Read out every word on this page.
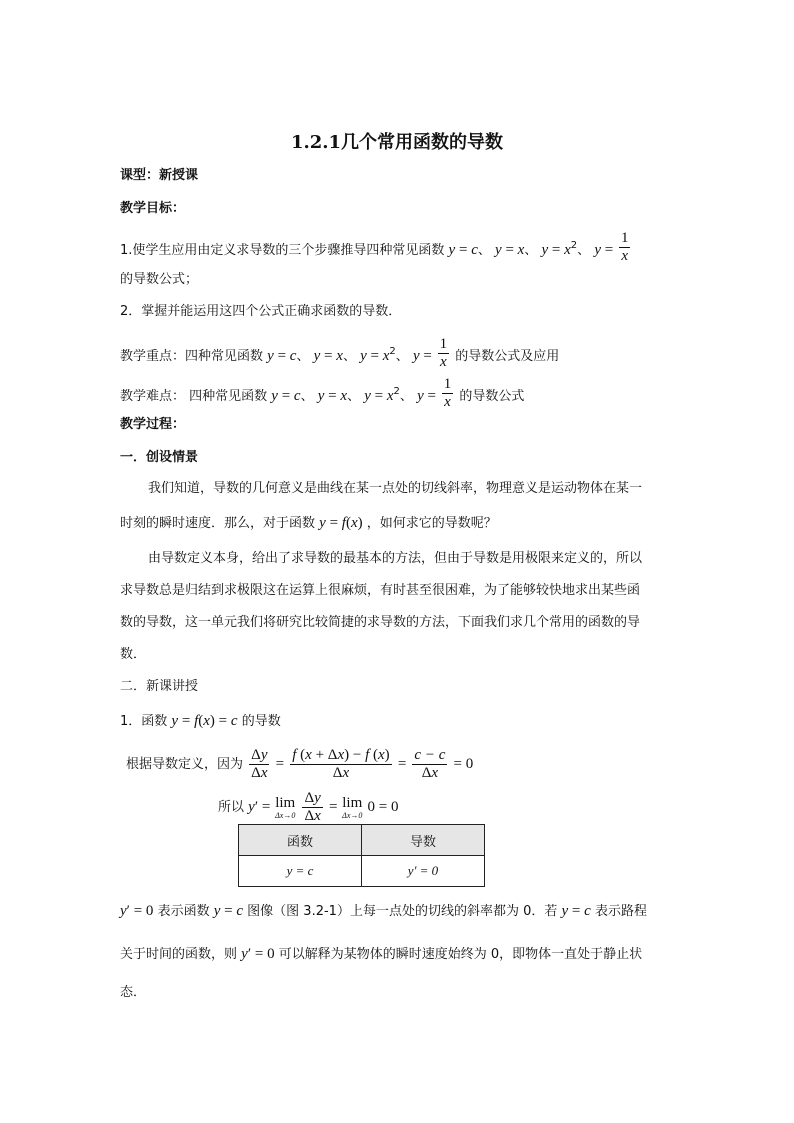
1.2.1几个常用函数的导数
课型：新授课
教学目标：
1.使学生应用由定义求导数的三个步骤推导四种常见函数 y = c、 y = x、 $y = x^2$、 $y = \frac{1}{x}$
的导数公式；
2．掌握并能运用这四个公式正确求函数的导数．
教学重点：四种常见函数 y = c、 y = x、 $y = x^2$、 $y = \frac{1}{x}$ 的导数公式及应用
教学难点： 四种常见函数 y = c、 y = x、 $y = x^2$、 $y = \frac{1}{x}$ 的导数公式
教学过程：
一．创设情景
我们知道，导数的几何意义是曲线在某一点处的切线斜率，物理意义是运动物体在某一
时刻的瞬时速度．那么，对于函数 y = f(x) ，如何求它的导数呢？
由导数定义本身，给出了求导数的最基本的方法，但由于导数是用极限来定义的，所以
求导数总是归结到求极限这在运算上很麻烦，有时甚至很困难，为了能够较快地求出某些函
数的导数，这一单元我们将研究比较简捷的求导数的方法，下面我们求几个常用的函数的导
数．
二．新课讲授
1．函数 y = f(x) = c 的导数
根据导数定义，因为 $\frac{\Delta y}{\Delta x} = \frac{f (x + \Delta x) - f (x)}{\Delta x} = \frac{c - c}{\Delta x} = 0$
所以 y′ = lim
Δx→0
$\frac{\Delta y}{\Delta x} = \lim$
Δx→0
0 = 0
函数	导数
y = c	y′ = 0
y′ = 0 表示函数 y = c 图像（图 3.2-1）上每一点处的切线的斜率都为 0．若 y = c 表示路程
关于时间的函数，则 y′ = 0 可以解释为某物体的瞬时速度始终为 0，即物体一直处于静止状
态．
